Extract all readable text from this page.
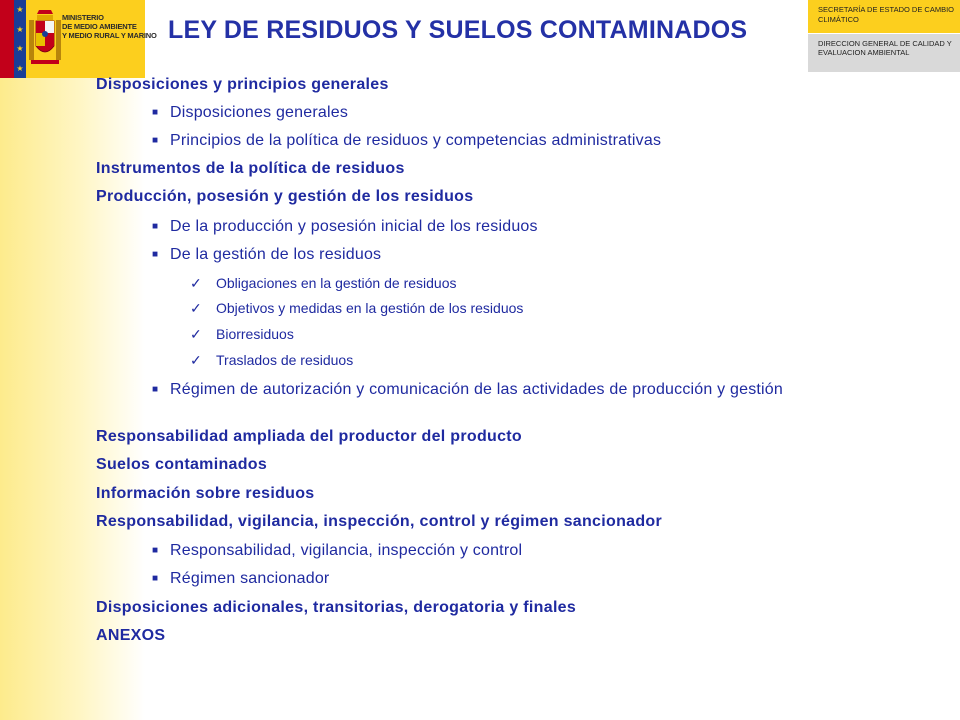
★
★
★
★
MINISTERIO
DE MEDIO AMBIENTE
Y MEDIO RURAL Y MARINO LEY DE RESIDUOS Y SUELOS CONTAMINADOS
SECRETARÍA DE ESTADO DE CAMBIO CLIMÁTICO
DIRECCION GENERAL DE CALIDAD Y EVALUACION AMBIENTAL
Disposiciones y principios generales
■ Disposiciones generales
■ Principios de la política de residuos y competencias administrativas
Instrumentos de la política de residuos
Producción, posesión y gestión de los residuos
■ De la producción y posesión inicial de los residuos
■ De la gestión de los residuos
✓ Obligaciones en la gestión de residuos
✓ Objetivos y medidas en la gestión de los residuos
✓ Biorresiduos
✓ Traslados de residuos
■ Régimen de autorización y comunicación de las actividades de producción y gestión
Responsabilidad ampliada del productor del producto
Suelos contaminados
Información sobre residuos
Responsabilidad, vigilancia, inspección, control y régimen sancionador
■ Responsabilidad, vigilancia, inspección y control
■ Régimen sancionador
Disposiciones adicionales, transitorias, derogatoria y finales
ANEXOS
